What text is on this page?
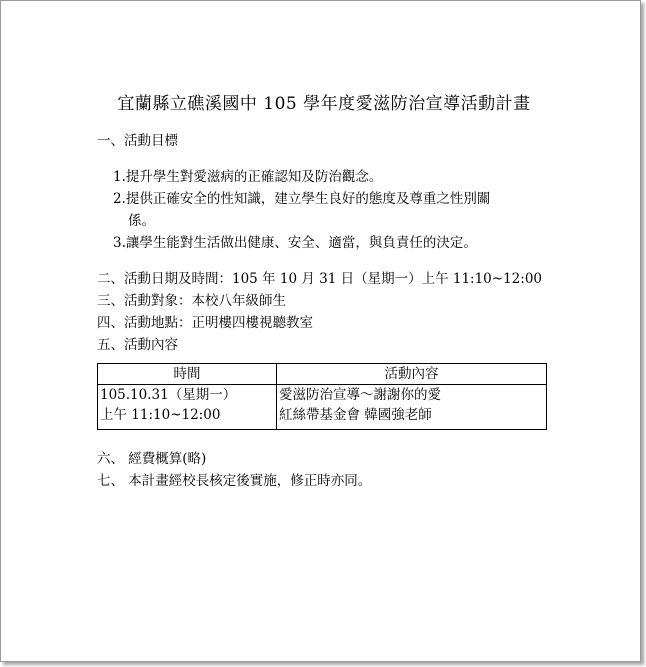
宜蘭縣立礁溪國中 105 學年度愛滋防治宣導活動計畫
一、活動目標
1.提升學生對愛滋病的正確認知及防治觀念。
2.提供正確安全的性知識，建立學生良好的態度及尊重之性別關
係。
3.讓學生能對生活做出健康、安全、適當，與負責任的決定。
二、活動日期及時間：105 年 10 月 31 日（星期一）上午 11:10~12:00
三、活動對象：本校八年級師生
四、活動地點：正明樓四樓視聽教室
五、活動內容
時間	活動內容

105.10.31（星期一）
上午 11:10~12:00	愛滋防治宣導～謝謝你的愛
紅絲帶基金會 韓國強老師
六、 經費概算(略)
七、 本計畫經校長核定後實施，修正時亦同。
